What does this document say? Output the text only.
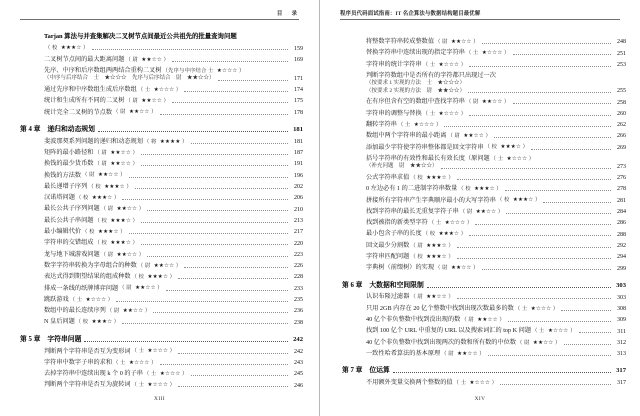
目　录
Tarjan 算法与并查集解决二叉树节点间最近公共祖先的批量查询问题
（ 校 ★★★☆ ）	159
二叉树节点间的最大距离问题 （ 尉 ★★☆☆ ）	169
先序、中序和后序数组两两结合重构二叉树 （先序与中序结合 士 ★☆☆☆ ）
（中序与后序结合　士　★☆☆☆　先序与后序结合　尉　★★☆☆）	171
通过先序和中序数组生成后序数组 （ 士 ★☆☆☆ ）	174
统计和生成所有不同的二叉树 （ 尉 ★★☆☆ ）	175
统计完全二叉树的节点数 （ 尉 ★★☆☆ ）	178
第 4 章 递归和动态规划	181
斐波那契系列问题的递归和动态规划 （ 将 ★★★★ ）	181
矩阵的最小路径和 （ 尉 ★★☆☆ ）	187
换钱的最少货币数 （ 尉 ★★☆☆ ）	191
换钱的方法数 （ 尉 ★★☆☆ ）	196
最长递增子序列 （ 校 ★★★☆ ）	202
汉诺塔问题 （ 校 ★★★☆ ）	206
最长公共子序列问题 （ 尉 ★★☆☆ ）	210
最长公共子串问题 （ 校 ★★★☆ ）	213
最小编辑代价 （ 校 ★★★☆ ）	217
字符串的交错组成 （ 校 ★★★☆ ）	220
龙与地下城游戏问题 （ 尉 ★★☆☆ ）	223
数字字符串转换为字母组合的种数 （ 尉 ★★☆☆ ）	226
表达式得到期望结果的组成种数 （ 校 ★★★☆ ）	228
排成一条线的纸牌博弈问题 （ 尉 ★★☆☆ ）	233
跳跃游戏 （ 士 ★☆☆☆ ）	235
数组中的最长连续序列 （ 尉 ★★☆☆ ）	236
N 皇后问题 （ 校 ★★★☆ ）	238
第 5 章 字符串问题	242
判断两个字符串是否互为变形词 （ 士 ★☆☆☆ ）	242
字符串中数字子串的求和 （ 士 ★☆☆☆ ）	243
去掉字符串中连续出现 k 个 0 的子串 （ 士 ★☆☆☆ ）	245
判断两个字符串是否互为旋转词 （ 士 ★☆☆☆ ）	246
XIII
程序员代码面试指南：IT 名企算法与数据结构题目最优解
将整数字符串转成整数值 （ 尉 ★★☆☆ ）	248
替换字符串中连续出现的指定字符串 （ 士 ★☆☆☆ ）	251
字符串的统计字符串 （ 士 ★☆☆☆ ）	253
判断字符数组中是否所有的字符都只出现过一次
（按要求 1 实现的方法　士　★☆☆☆）
（按要求 2 实现的方法　尉　★★☆☆）	255
在有序但含有空的数组中查找字符串 （ 尉 ★★☆☆ ）	258
字符串的调整与替换 （ 士 ★☆☆☆ ）	260
翻转字符串 （ 士 ★☆☆☆ ）	262
数组中两个字符串的最小距离 （ 尉 ★★☆☆ ）	266
添加最少字符使字符串整体都是回文字符串 （ 校 ★★★☆ ）	269
括号字符串的有效性和最长有效长度（原问题 （ 士 ★☆☆☆ ）
（补充问题　尉　★★☆☆）	273
公式字符串求值 （ 校 ★★★☆ ）	276
0 左边必有 1 的二进制字符串数量 （ 校 ★★★☆ ）	278
拼接所有字符串产生字典顺序最小的大写字符串 （ 校 ★★★☆ ）	281
找到字符串的最长无重复字符子串 （ 尉 ★★☆☆ ）	284
找到被指的新类型字符 （ 士 ★☆☆☆ ）	286
最小包含子串的长度 （ 校 ★★★☆ ）	288
回文最少分割数 （ 尉 ★★★☆ ）	292
字符串匹配问题 （ 校 ★★★☆ ）	294
字典树（前缀树）的实现 （ 尉 ★★☆☆ ）	299
第 6 章 大数据和空间限制	303
认识布隆过滤器 （ 尉 ★★☆☆ ）	303
只用 2GB 内存在 20 亿个整数中找到出现次数最多的数 （ 士 ★☆☆☆ ）	308
40 亿个非负整数中找到没出现的数 （ 尉 ★★☆☆ ）	309
找到 100 亿个 URL 中重复的 URL 以及搜索词汇的 top K 问题 （ 士 ★☆☆☆ ）	311
40 亿个非负整数中找到出现两次的数和所有数的中位数 （ 尉 ★★☆☆ ）	312
一致性哈希算法的基本原理 （ 尉 ★★☆☆ ）	313
第 7 章 位运算	317
不用额外变量交换两个整数的值 （ 士 ★☆☆☆ ）	317
XIV
